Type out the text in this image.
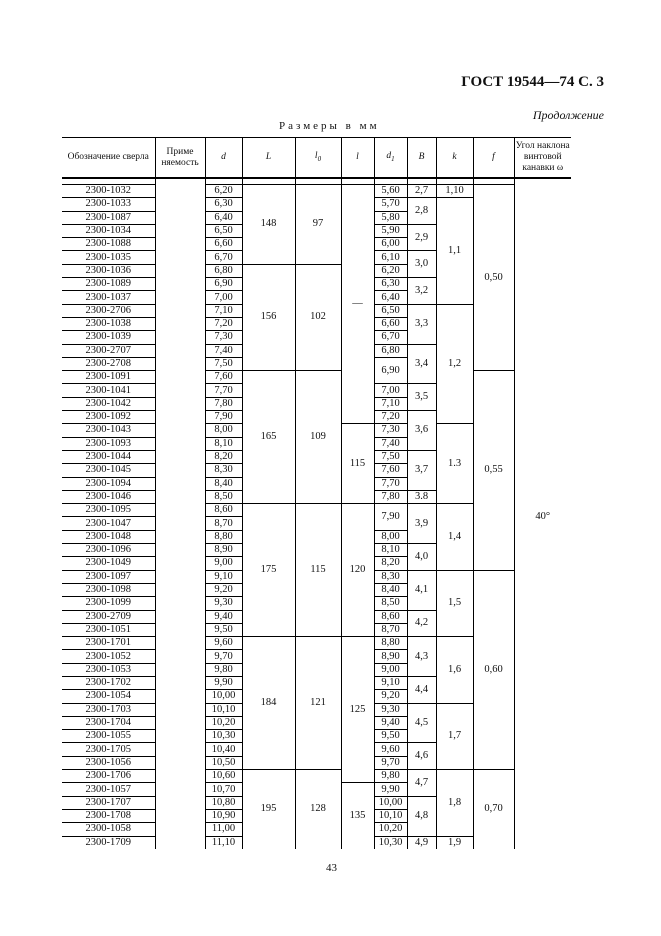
ГОСТ 19544—74 С. 3
Продолжение
Размеры в мм
Обозначение сверла	Приме няемость	d	L	$l_0$	l	$d_1$	B	k	f	Угол наклона винтовой канавки ω

2300-1032		6,20	148	97	—	5,60	2,7	1,10	0,50	40°
2300-1033		6,30				5,70	2,8	1,1		
2300-1087		6,40				5,80				
2300-1034		6,50				5,90	2,9			
2300-1088		6,60				6,00				
2300-1035		6,70				6,10	3,0			
2300-1036		6,80	156	102		6,20				
2300-1089		6,90				6,30	3,2			
2300-1037		7,00				6,40				
2300-2706		7,10				6,50	3,3	1,2		
2300-1038		7,20				6,60				
2300-1039		7,30				6,70				
2300-2707		7,40				6,80	3,4			
2300-2708		7,50				6,90				
2300-1091		7,60	165	109					0,55	
2300-1041		7,70				7,00	3,5			
2300-1042		7,80				7,10				
2300-1092		7,90				7,20	3,6			
2300-1043		8,00			115	7,30		1.3		
2300-1093		8,10				7,40				
2300-1044		8,20				7,50	3,7			
2300-1045		8,30				7,60				
2300-1094		8,40				7,70				
2300-1046		8,50				7,80	3.8			
2300-1095		8,60	175	115	120	7,90	3,9	1,4		
2300-1047		8,70								
2300-1048		8,80				8,00				
2300-1096		8,90				8,10	4,0			
2300-1049		9,00				8,20				
2300-1097		9,10				8,30	4,1	1,5	0,60	
2300-1098		9,20				8,40				
2300-1099		9,30				8,50				
2300-2709		9,40				8,60	4,2			
2300-1051		9,50				8,70				
2300-1701		9,60	184	121	125	8,80	4,3	1,6		
2300-1052		9,70				8,90				
2300-1053		9,80				9,00				
2300-1702		9,90				9,10	4,4			
2300-1054		10,00				9,20				
2300-1703		10,10				9,30	4,5	1,7		
2300-1704		10,20				9,40				
2300-1055		10,30				9,50				
2300-1705		10,40				9,60	4,6			
2300-1056		10,50				9,70				
2300-1706		10,60	195	128		9,80	4,7	1,8	0,70	
2300-1057		10,70			135	9,90				
2300-1707		10,80				10,00	4,8			
2300-1708		10,90				10,10				
2300-1058		11,00				10,20				
2300-1709		11,10				10,30	4,9	1,9		
43
